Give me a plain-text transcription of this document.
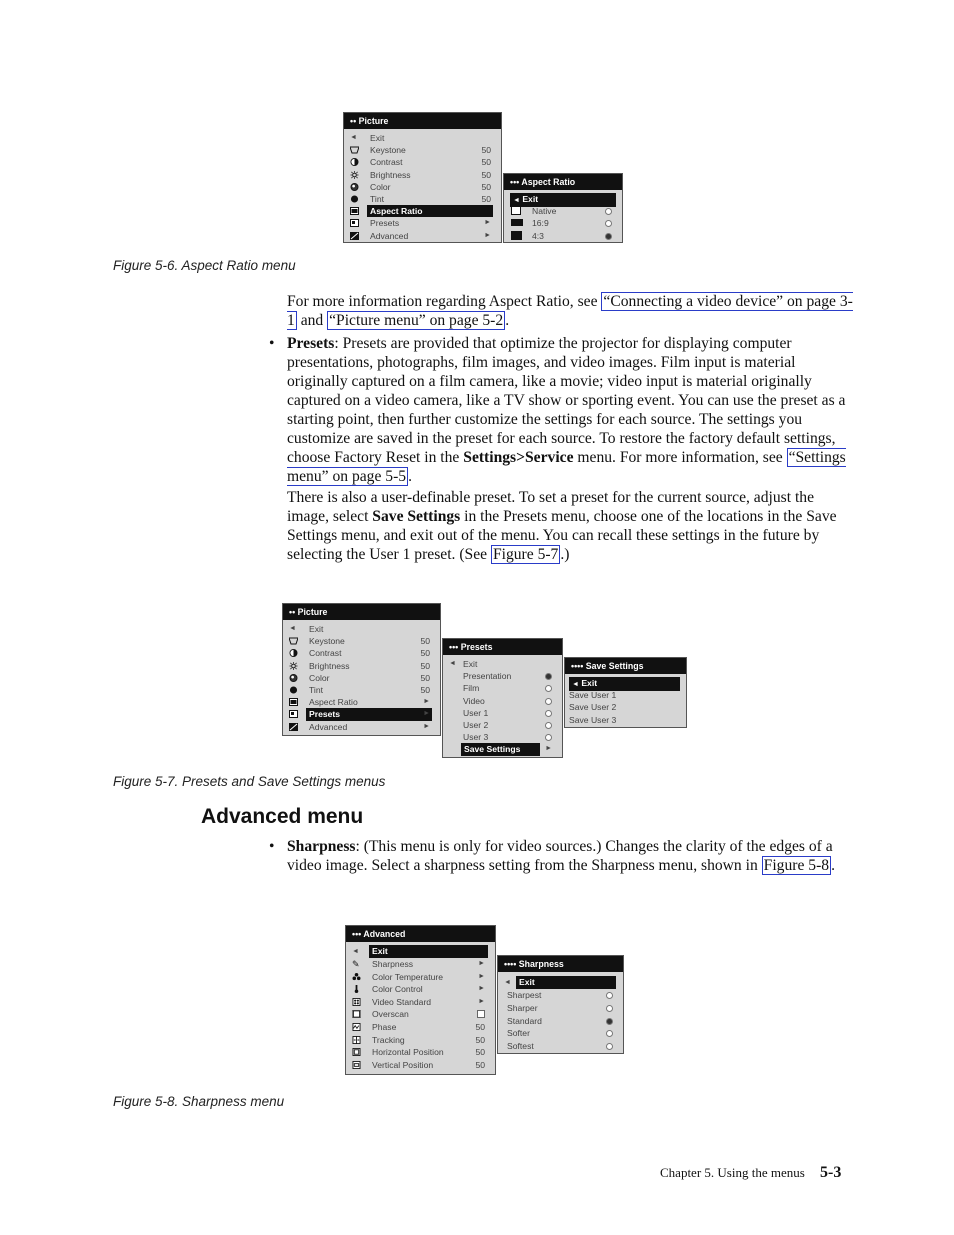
•• Picture
◄ Exit
Keystone	50
Contrast	50
Brightness	50
Color	50
Tint	50
Aspect Ratio
Presets	►
Advanced	►
••• Aspect Ratio
◄ Exit
Native
16:9
4:3
Figure 5-6. Aspect Ratio menu

For more information regarding Aspect Ratio, see “Connecting a video device” on page 3-1 and “Picture menu” on page 5-2 .

• Presets: Presets are provided that optimize the projector for displaying computer presentations, photographs, film images, and video images. Film input is material originally captured on a film camera, like a movie; video input is material originally captured on a video camera, like a TV show or sporting event. You can use the preset as a starting point, then further customize the settings for each source. The settings you customize are saved in the preset for each source. To restore the factory default settings, choose Factory Reset in the Settings>Service menu. For more information, see “Settings menu” on page 5-5 .

There is also a user-definable preset. To set a preset for the current source, adjust the image, select Save Settings in the Presets menu, choose one of the locations in the Save Settings menu, and exit out of the menu. You can recall these settings in the future by selecting the User 1 preset. (See Figure 5-7 .)

•• Picture
◄ Exit
Keystone	50
Contrast	50
Brightness	50
Color	50
Tint	50
Aspect Ratio	►
Presets	►
Advanced	►
••• Presets
◄ Exit
Presentation
Film
Video
User 1
User 2
User 3
Save Settings	►
•••• Save Settings
◄ Exit
Save User 1
Save User 2
Save User 3
Figure 5-7. Presets and Save Settings menus
Advanced menu
• Sharpness: (This menu is only for video sources.) Changes the clarity of the edges of a video image. Select a sharpness setting from the Sharpness menu, shown in Figure 5-8 .

••• Advanced
◄	Exit
✎ Sharpness	►
Color Temperature	►
Color Control	►
Video Standard	►
Overscan
Phase	50
Tracking	50
Horizontal Position	50
Vertical Position	50
•••• Sharpness
◄ Exit
Sharpest
Sharper
Standard
Softer
Softest
Figure 5-8. Sharpness menu
Chapter 5. Using the menus 5-3
